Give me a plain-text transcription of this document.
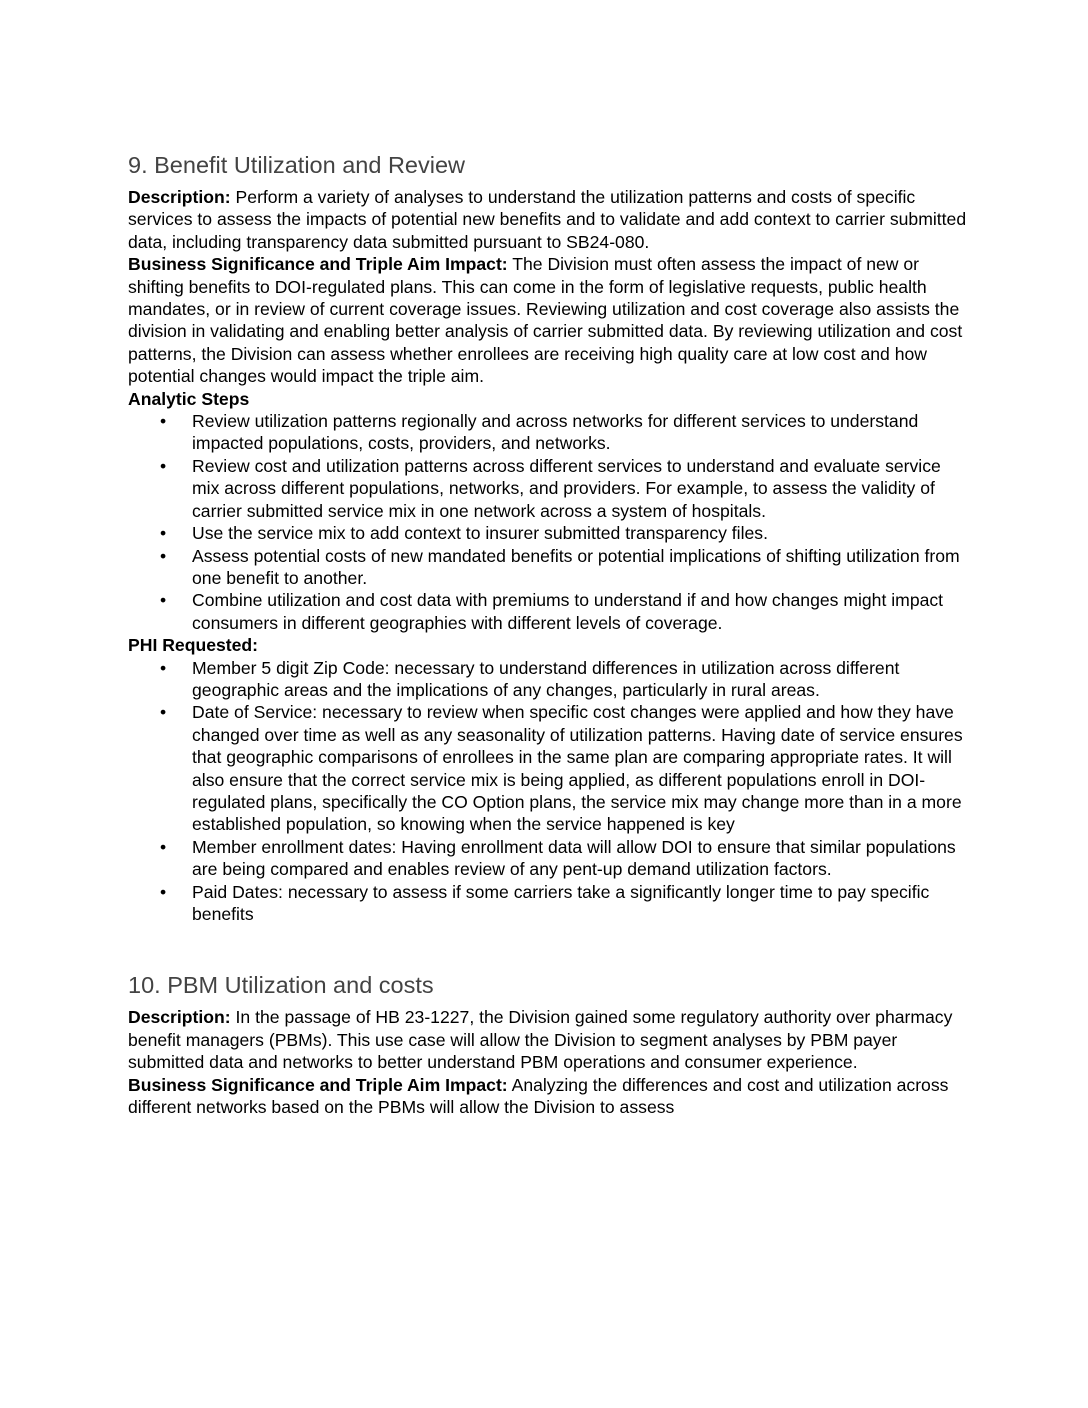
9. Benefit Utilization and Review

Description: Perform a variety of analyses to understand the utilization patterns and costs of specific services to assess the impacts of potential new benefits and to validate and add context to carrier submitted data, including transparency data submitted pursuant to SB24-080.

Business Significance and Triple Aim Impact: The Division must often assess the impact of new or shifting benefits to DOI-regulated plans. This can come in the form of legislative requests, public health mandates, or in review of current coverage issues. Reviewing utilization and cost coverage also assists the division in validating and enabling better analysis of carrier submitted data. By reviewing utilization and cost patterns, the Division can assess whether enrollees are receiving high quality care at low cost and how potential changes would impact the triple aim.

Analytic Steps

• Review utilization patterns regionally and across networks for different services to understand impacted populations, costs, providers, and networks.
• Review cost and utilization patterns across different services to understand and evaluate service mix across different populations, networks, and providers. For example, to assess the validity of carrier submitted service mix in one network across a system of hospitals.
• Use the service mix to add context to insurer submitted transparency files.
• Assess potential costs of new mandated benefits or potential implications of shifting utilization from one benefit to another.
• Combine utilization and cost data with premiums to understand if and how changes might impact consumers in different geographies with different levels of coverage.

PHI Requested:

• Member 5 digit Zip Code: necessary to understand differences in utilization across different geographic areas and the implications of any changes, particularly in rural areas.
• Date of Service: necessary to review when specific cost changes were applied and how they have changed over time as well as any seasonality of utilization patterns. Having date of service ensures that geographic comparisons of enrollees in the same plan are comparing appropriate rates. It will also ensure that the correct service mix is being applied, as different populations enroll in DOI-regulated plans, specifically the CO Option plans, the service mix may change more than in a more established population, so knowing when the service happened is key
• Member enrollment dates: Having enrollment data will allow DOI to ensure that similar populations are being compared and enables review of any pent-up demand utilization factors.
• Paid Dates: necessary to assess if some carriers take a significantly longer time to pay specific benefits
10. PBM Utilization and costs

Description: In the passage of HB 23-1227, the Division gained some regulatory authority over pharmacy benefit managers (PBMs). This use case will allow the Division to segment analyses by PBM payer submitted data and networks to better understand PBM operations and consumer experience.

Business Significance and Triple Aim Impact: Analyzing the differences and cost and utilization across different networks based on the PBMs will allow the Division to assess
